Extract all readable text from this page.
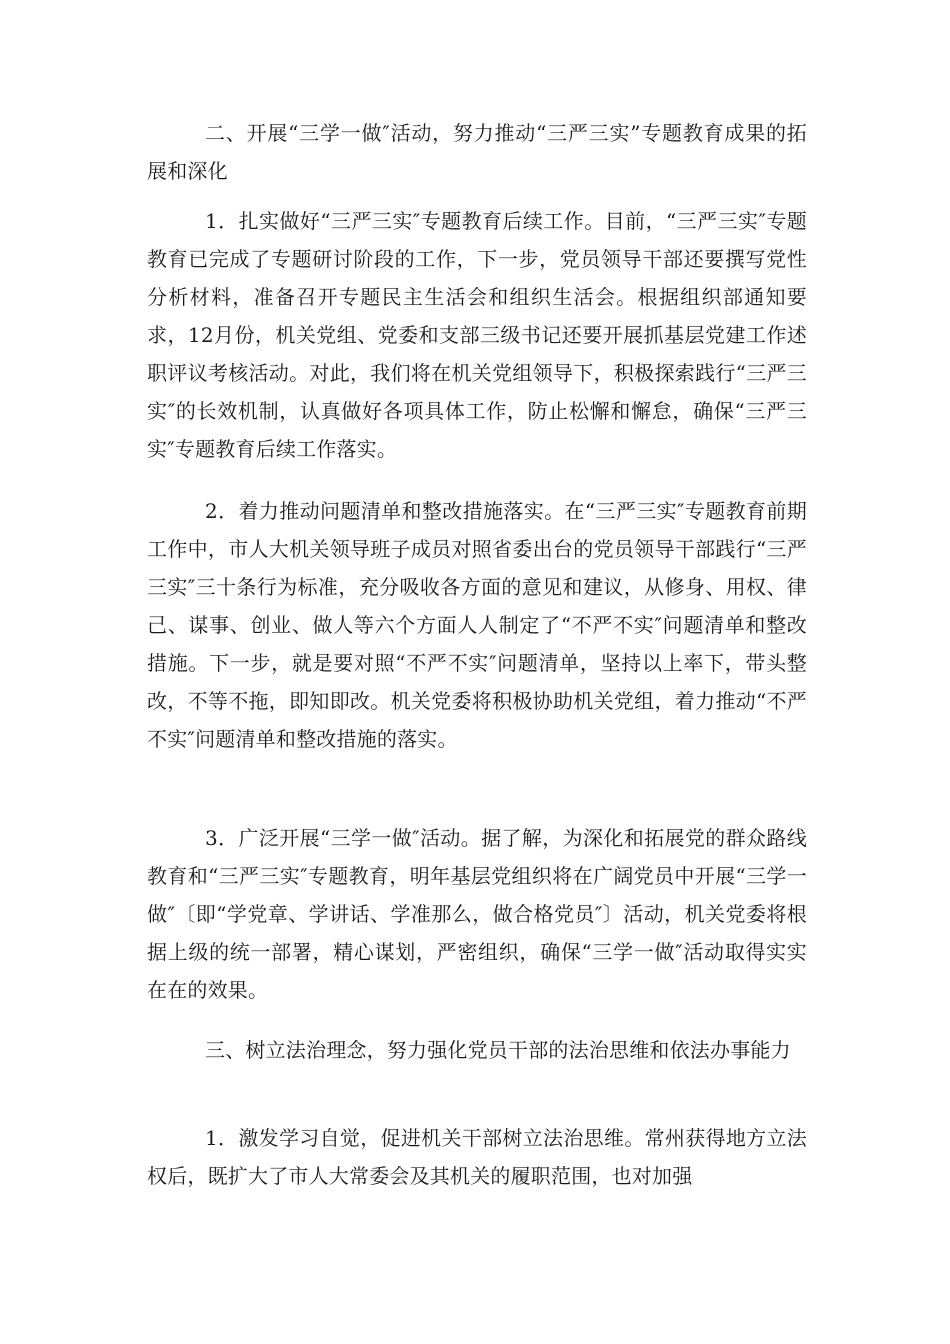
二、开展“三学一做″活动，努力推动“三严三实”专题教育成果的拓展和深化

1．扎实做好“三严三实″专题教育后续工作。目前，“三严三实″专题教育已完成了专题研讨阶段的工作，下一步，党员领导干部还要撰写党性分析材料，准备召开专题民主生活会和组织生活会。根据组织部通知要求，12月份，机关党组、党委和支部三级书记还要开展抓基层党建工作述职评议考核活动。对此，我们将在机关党组领导下，积极探索践行“三严三实″的长效机制，认真做好各项具体工作，防止松懈和懈怠，确保“三严三实″专题教育后续工作落实。

2．着力推动问题清单和整改措施落实。在“三严三实″专题教育前期工作中，市人大机关领导班子成员对照省委出台的党员领导干部践行“三严三实″三十条行为标准，充分吸收各方面的意见和建议，从修身、用权、律己、谋事、创业、做人等六个方面人人制定了“不严不实″问题清单和整改措施。下一步，就是要对照“不严不实″问题清单，坚持以上率下，带头整改，不等不拖，即知即改。机关党委将积极协助机关党组，着力推动“不严不实″问题清单和整改措施的落实。

3．广泛开展“三学一做″活动。据了解，为深化和拓展党的群众路线教育和“三严三实″专题教育，明年基层党组织将在广阔党员中开展“三学一做″〔即“学党章、学讲话、学准那么，做合格党员″〕活动，机关党委将根据上级的统一部署，精心谋划，严密组织，确保“三学一做″活动取得实实在在的效果。

三、树立法治理念，努力强化党员干部的法治思维和依法办事能力

1．激发学习自觉，促进机关干部树立法治思维。常州获得地方立法权后，既扩大了市人大常委会及其机关的履职范围，也对加强
